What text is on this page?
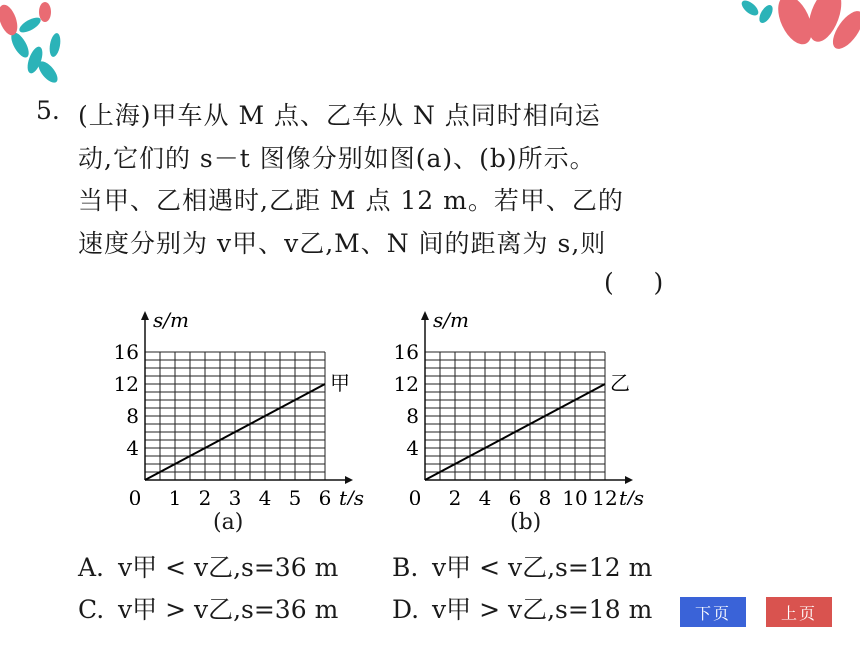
5. (上海)甲车从 M 点、乙车从 N 点同时相向运
动,它们的 s－t 图像分别如图(a)、(b)所示。
当甲、乙相遇时,乙距 M 点 12 m。若甲、乙的
速度分别为 v甲、v乙,M、N 间的距离为 s,则
(     )
s/m
t/s
0 1 2 3 4 5 6
4
8
12
16
甲
(a)
s/m
t/s
0 2 4 6 8 10 12
4
8
12
16
乙
(b)
A. v甲 < v乙,s=36 m B. v甲 < v乙,s=12 m
C. v甲 > v乙,s=36 m D. v甲 > v乙,s=18 m	下页	上页
